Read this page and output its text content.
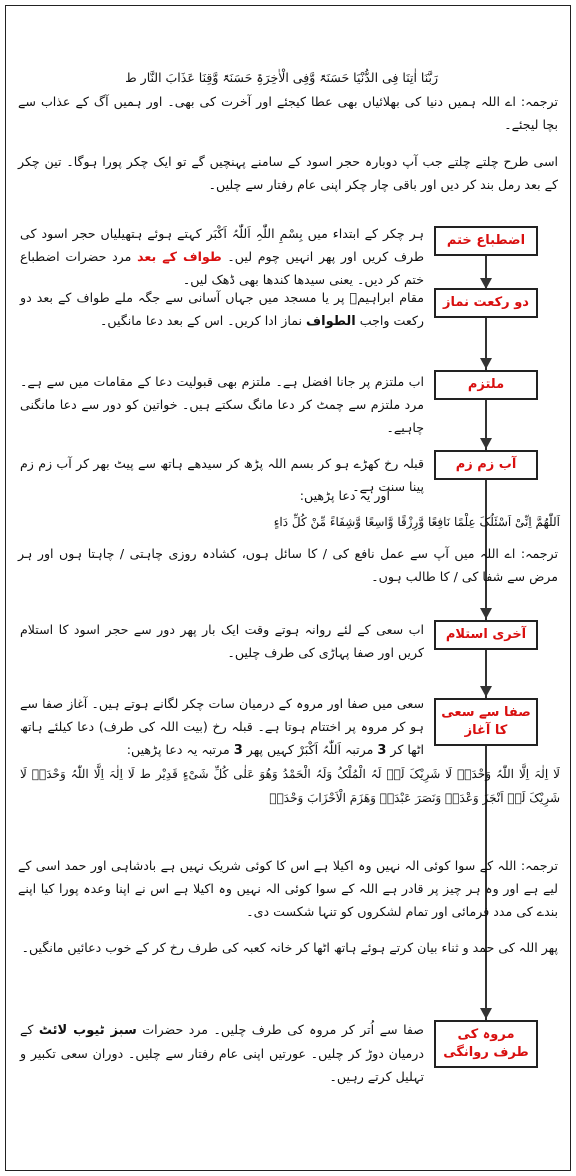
رَبَّنَا اٰتِنَا فِی الدُّنْیَا حَسَنَۃً وَّفِی الْاٰخِرَۃِ حَسَنَۃً وَّقِنَا عَذَابَ النَّار ط
ترجمہ: اے اللہ ہمیں دنیا کی بھلائیاں بھی عطا کیجئے اور آخرت کی بھی۔ اور ہمیں آگ کے عذاب سے بچا لیجئے۔
اسی طرح چلتے چلتے جب آپ دوبارہ حجر اسود کے سامنے پہنچیں گے تو ایک چکر پورا ہوگا۔ تین چکر کے بعد رمل بند کر دیں اور باقی چار چکر اپنی عام رفتار سے چلیں۔
اضطباع ختم
ہر چکر کے ابتداء میں بِسْمِ اللّٰہِ اَللّٰہُ اَکْبَر کہتے ہوئے ہتھیلیاں حجر اسود کی طرف کریں اور پھر انہیں چوم لیں۔ طواف کے بعد مرد حضرات اضطباع ختم کر دیں۔ یعنی سیدھا کندھا بھی ڈھک لیں۔
دو رکعت نماز
مقام ابراہیمؑ پر یا مسجد میں جہاں آسانی سے جگہ ملے طواف کے بعد دو رکعت واجب الطواف نماز ادا کریں۔ اس کے بعد دعا مانگیں۔
ملتزم
اب ملتزم پر جانا افضل ہے۔ ملتزم بھی قبولیت دعا کے مقامات میں سے ہے۔ مرد ملتزم سے چمٹ کر دعا مانگ سکتے ہیں۔ خواتین کو دور سے دعا مانگنی چاہیے۔
آب زم زم
قبلہ رخ کھڑے ہو کر بسم اللہ پڑھ کر سیدھے ہاتھ سے پیٹ بھر کر آب زم زم پینا سنت ہے۔
اور یہ دعا پڑھیں:
اَللّٰھُمَّ اِنِّیْ اَسْئَلُکَ عِلْمًا نَافِعًا وَّرِزْقًا وَّاسِعًا وَّشِفَاءً مِّنْ کُلِّ دَاءٍ
ترجمہ: اے اللہ میں آپ سے عمل نافع کی / کا سائل ہوں، کشادہ روزی چاہتی / چاہتا ہوں اور ہر مرض سے شفا کی / کا طالب ہوں۔
آخری استلام
اب سعی کے لئے روانہ ہوتے وقت ایک بار پھر دور سے حجر اسود کا استلام کریں اور صفا پہاڑی کی طرف چلیں۔
صفا سے سعی کا آغاز
سعی میں صفا اور مروہ کے درمیان سات چکر لگانے ہوتے ہیں۔ آغاز صفا سے ہو کر مروہ پر اختتام ہوتا ہے۔ قبلہ رخ (بیت اللہ کی طرف) دعا کیلئے ہاتھ اٹھا کر 3 مرتبہ اَللّٰہُ اَکْبَرْ کہیں پھر 3 مرتبہ یہ دعا پڑھیں:
لَا اِلٰہَ اِلَّا اللّٰہُ وَحْدَہٗ لَا شَرِیْکَ لَہٗ لَہُ الْمُلْکُ وَلَہُ الْحَمْدُ وَھُوَ عَلٰی کُلِّ شَیْءٍ قَدِیْر ط لَا اِلٰہَ اِلَّا اللّٰہُ وَحْدَہٗ لَا شَرِیْکَ لَہٗ اَنْجَزَ وَعْدَہٗ وَنَصَرَ عَبْدَہٗ وَھَزَمَ الْاَحْزَابَ وَحْدَہٗ
ترجمہ: اللہ کے سوا کوئی الہ نہیں وہ اکیلا ہے اس کا کوئی شریک نہیں ہے بادشاہی اور حمد اسی کے لیے ہے اور وہ ہر چیز پر قادر ہے اللہ کے سوا کوئی الہ نہیں وہ اکیلا ہے اس نے اپنا وعدہ پورا کیا اپنے بندے کی مدد فرمائی اور تمام لشکروں کو تنہا شکست دی۔
پھر اللہ کی حمد و ثناء بیان کرتے ہوئے ہاتھ اٹھا کر خانہ کعبہ کی طرف رخ کر کے خوب دعائیں مانگیں۔
مروہ کی طرف روانگی
صفا سے اُتر کر مروہ کی طرف چلیں۔ مرد حضرات سبز ٹیوب لائٹ کے درمیان دوڑ کر چلیں۔ عورتیں اپنی عام رفتار سے چلیں۔ دوران سعی تکبیر و تہلیل کرتے رہیں۔
